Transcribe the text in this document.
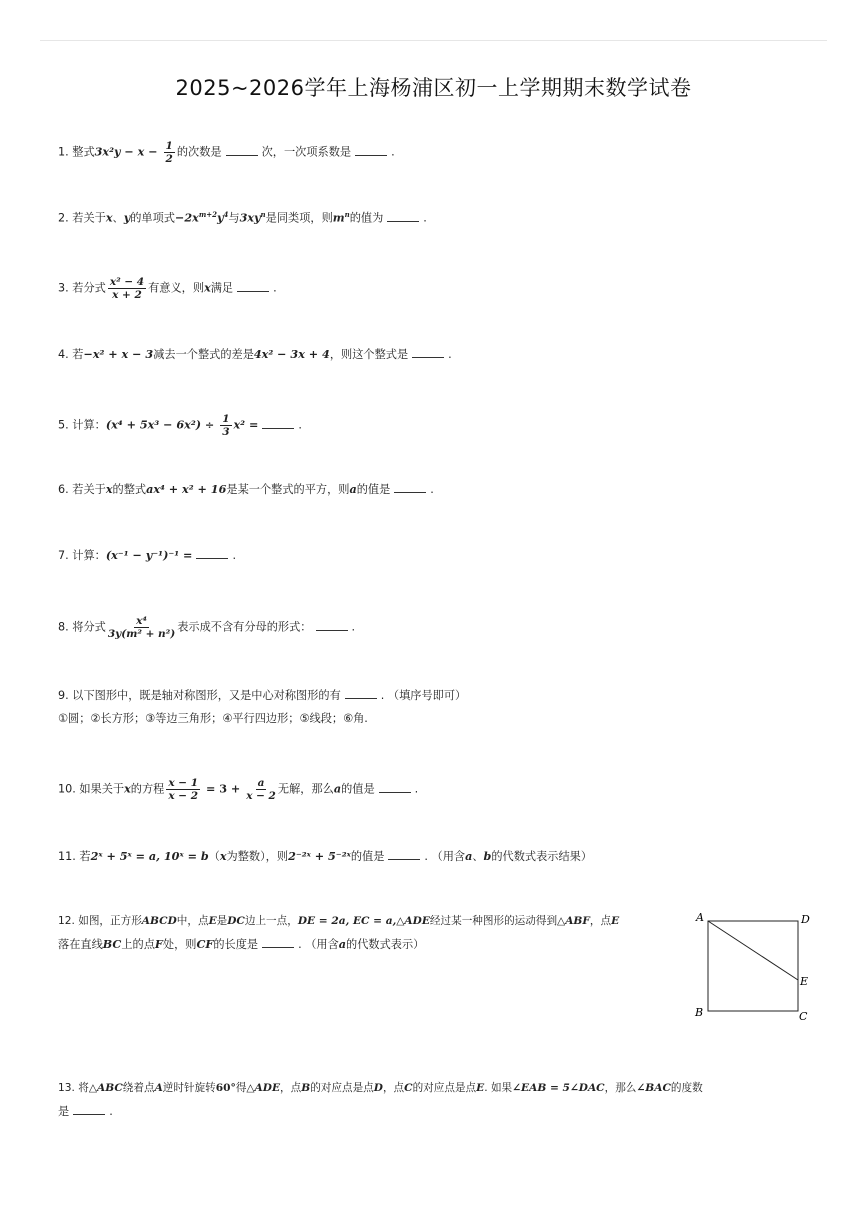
2025~2026学年上海杨浦区初一上学期期末数学试卷
1. 整式$3x^2y - x - \frac{1}{2}$ 的次数是	次，一次项系数是	.
2. 若关于x、y的单项式$-2x^{m+2}y^4$与$3xy^n$是同类项，则$m^n$的值为	.
3. 若分式 $\frac{\text{x² − 4}}{x + 2}$ 有意义，则x满足	.
4. 若−x² + x − 3减去一个整式的差是4x² − 3x + 4，则这个整式是	.
5. 计算：$(x^4 + 5x^3 - 6x^2) \div \frac{1}{3} x^2$ =	.
6. 若关于x的整式ax⁴ + x² + 16是某一个整式的平方，则a的值是	.
7. 计算：(x⁻¹ − y⁻¹)⁻¹ =	.
8. 将分式 $\frac{\text{x⁴}}{\text{3y(m² + n²)}}$ 表示成不含有分母的形式：	.
9. 以下图形中，既是轴对称图形，又是中心对称图形的有	. （填序号即可）
①圆；②长方形；③等边三角形；④平行四边形；⑤线段；⑥角.
10. 如果关于x的方程 $\frac{x - 1}{x - 2} = 3 + \frac{a}{x - 2}$ 无解，那么a的值是	.
11. 若2ˣ + 5ˣ = a, 10ˣ = b（x为整数），则2⁻²ˣ + 5⁻²ˣ的值是	. （用含a、b的代数式表示结果）
12. 如图，正方形ABCD中，点E是DC边上一点，DE = 2a, EC = a,△ADE经过某一种图形的运动得到△ABF，点E
落在直线BC上的点F处，则CF的长度是	. （用含a的代数式表示）
A	D
E
B	C
13. 将△ABC绕着点A逆时针旋转60°得△ADE，点B的对应点是点D，点C的对应点是点E. 如果∠EAB = 5∠DAC，那么∠BAC的度数
是	.
